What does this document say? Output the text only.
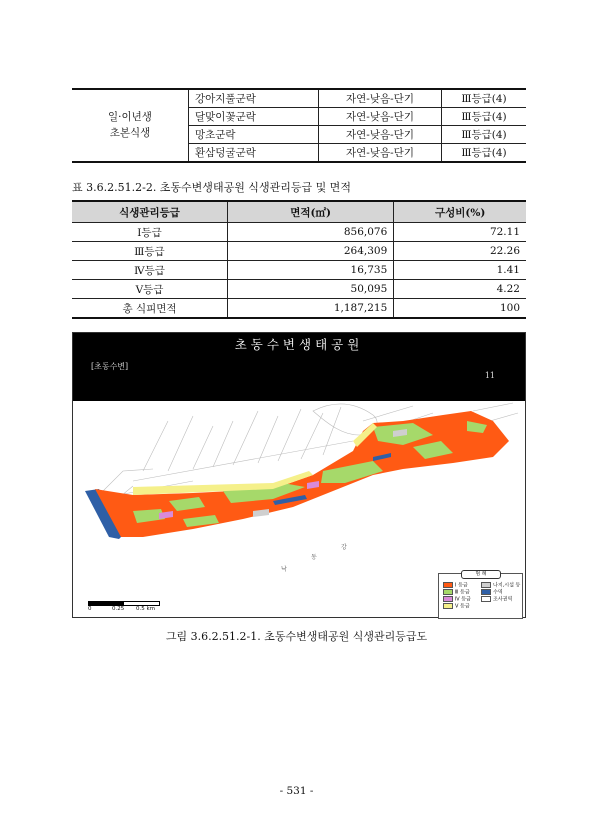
일·이년생
초본식생	강아지풀군락	자연-낮음-단기	Ⅲ등급(4)
	달맞이꽃군락	자연-낮음-단기	Ⅲ등급(4)
	망초군락	자연-낮음-단기	Ⅲ등급(4)
	환삼덩굴군락	자연-낮음-단기	Ⅲ등급(4)
표 3.6.2.51.2-2. 초동수변생태공원 식생관리등급 및 면적
식생관리등급	면적(㎡)	구성비(%)
Ⅰ등급	856,076	72.11
Ⅲ등급	264,309	22.26
Ⅳ등급	16,735	1.41
Ⅴ등급	50,095	4.22
총 식피면적	1,187,215	100
초동수변생태공원
[초동수변]
11
낙
동
강
범 례
Ⅰ 등급
Ⅲ 등급
Ⅳ 등급
Ⅴ 등급
나지,시설 등
수역
조사권역
0	0.25 0.5 km
그림 3.6.2.51.2-1. 초동수변생태공원 식생관리등급도
- 531 -
